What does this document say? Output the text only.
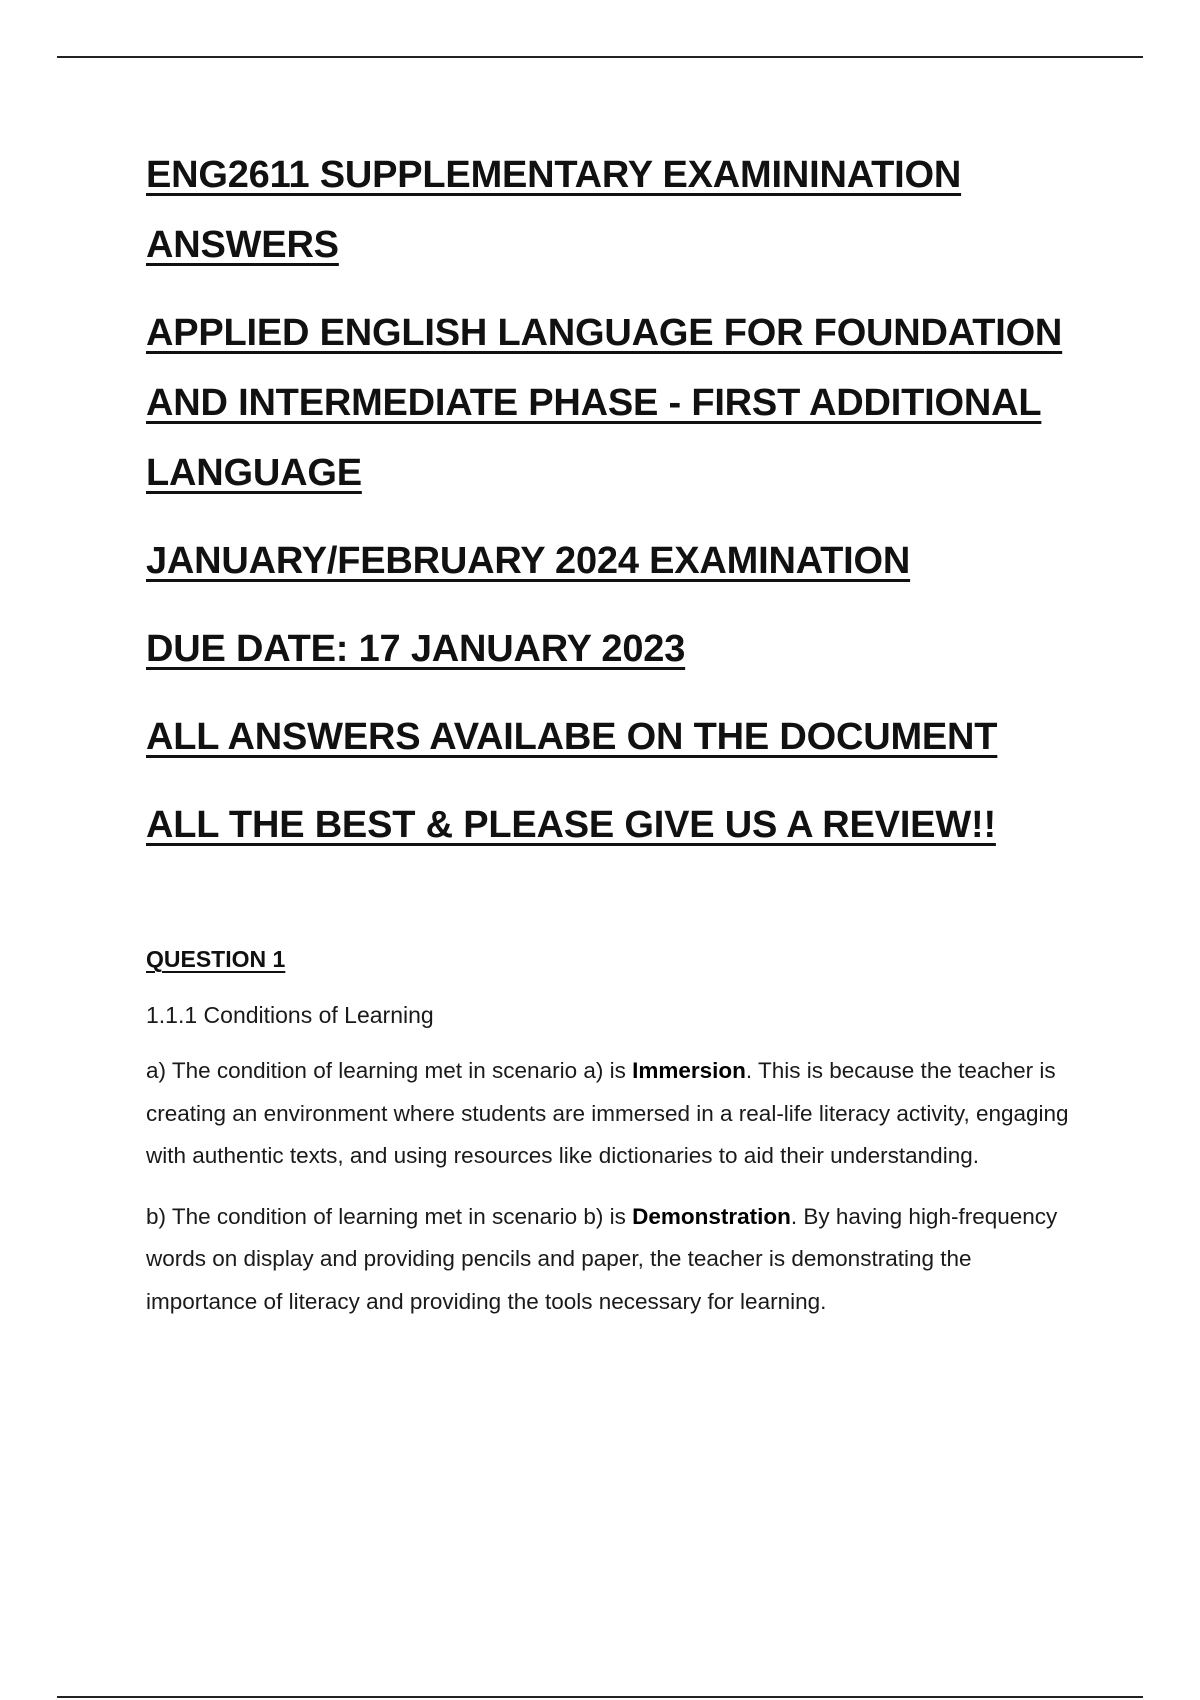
ENG2611 SUPPLEMENTARY EXAMININATION ANSWERS

APPLIED ENGLISH LANGUAGE FOR FOUNDATION AND INTERMEDIATE PHASE - FIRST ADDITIONAL LANGUAGE

JANUARY/FEBRUARY 2024 EXAMINATION

DUE DATE: 17 JANUARY 2023

ALL ANSWERS AVAILABE ON THE DOCUMENT

ALL THE BEST & PLEASE GIVE US A REVIEW!!

QUESTION 1

1.1.1 Conditions of Learning

a) The condition of learning met in scenario a) is Immersion. This is because the teacher is creating an environment where students are immersed in a real-life literacy activity, engaging with authentic texts, and using resources like dictionaries to aid their understanding.

b) The condition of learning met in scenario b) is Demonstration. By having high-frequency words on display and providing pencils and paper, the teacher is demonstrating the importance of literacy and providing the tools necessary for learning.
